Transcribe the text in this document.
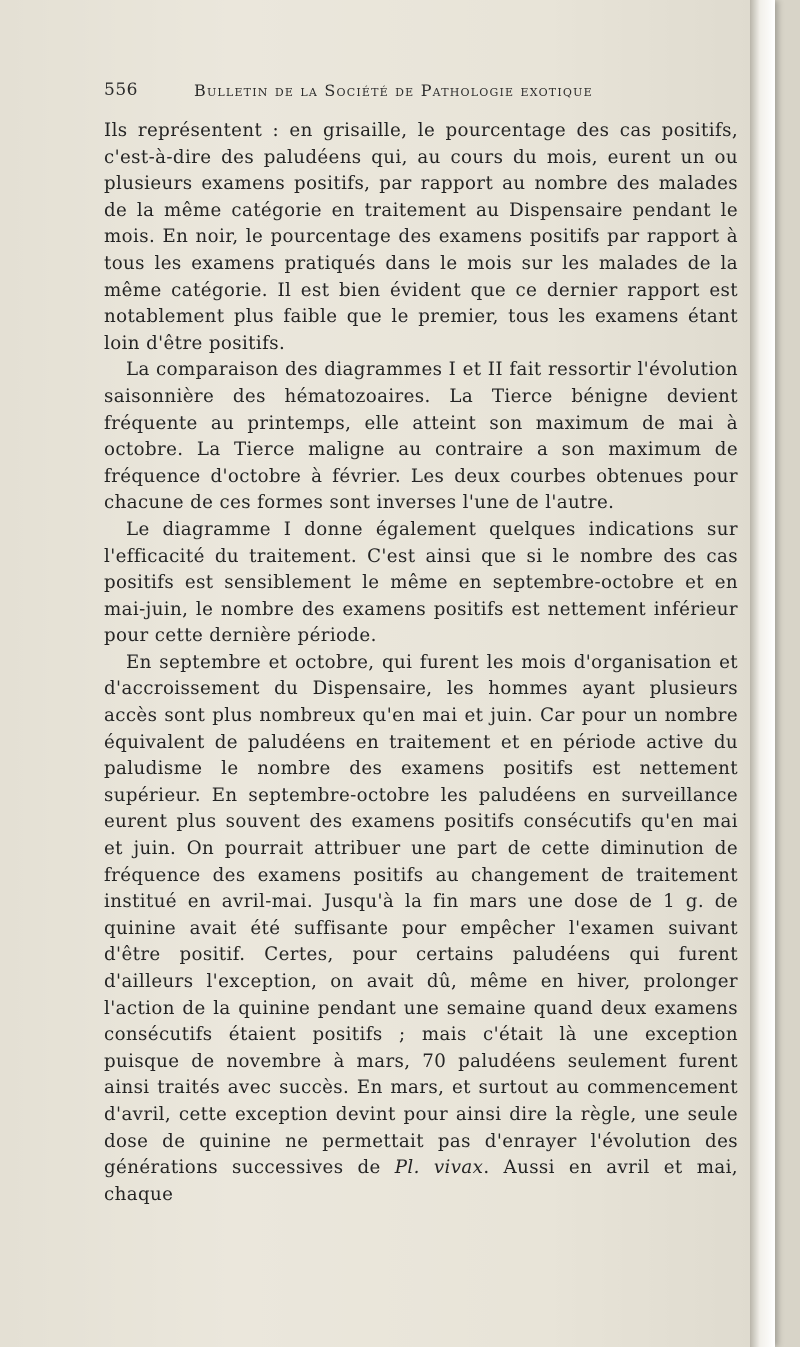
556	Bulletin de la Société de Pathologie exotique

Ils représentent : en grisaille, le pourcentage des cas positifs, c'est-à-dire des paludéens qui, au cours du mois, eurent un ou plusieurs examens positifs, par rapport au nombre des malades de la même catégorie en traitement au Dispensaire pendant le mois. En noir, le pourcentage des examens positifs par rapport à tous les examens pratiqués dans le mois sur les malades de la même catégorie. Il est bien évident que ce dernier rapport est notablement plus faible que le premier, tous les examens étant loin d'être positifs.

La comparaison des diagrammes I et II fait ressortir l'évolution saisonnière des hématozoaires. La Tierce bénigne devient fréquente au printemps, elle atteint son maximum de mai à octobre. La Tierce maligne au contraire a son maximum de fréquence d'octobre à février. Les deux courbes obtenues pour chacune de ces formes sont inverses l'une de l'autre.

Le diagramme I donne également quelques indications sur l'efficacité du traitement. C'est ainsi que si le nombre des cas positifs est sensiblement le même en septembre-octobre et en mai-juin, le nombre des examens positifs est nettement inférieur pour cette dernière période.

En septembre et octobre, qui furent les mois d'organisation et d'accroissement du Dispensaire, les hommes ayant plusieurs accès sont plus nombreux qu'en mai et juin. Car pour un nombre équivalent de paludéens en traitement et en période active du paludisme le nombre des examens positifs est nettement supérieur. En septembre-octobre les paludéens en surveillance eurent plus souvent des examens positifs consécutifs qu'en mai et juin. On pourrait attribuer une part de cette diminution de fréquence des examens positifs au changement de traitement institué en avril-mai. Jusqu'à la fin mars une dose de 1 g. de quinine avait été suffisante pour empêcher l'examen suivant d'être positif. Certes, pour certains paludéens qui furent d'ailleurs l'exception, on avait dû, même en hiver, prolonger l'action de la quinine pendant une semaine quand deux examens consécutifs étaient positifs ; mais c'était là une exception puisque de novembre à mars, 70 paludéens seulement furent ainsi traités avec succès. En mars, et surtout au commencement d'avril, cette exception devint pour ainsi dire la règle, une seule dose de quinine ne permettait pas d'enrayer l'évolution des générations successives de Pl. vivax. Aussi en avril et mai, chaque
